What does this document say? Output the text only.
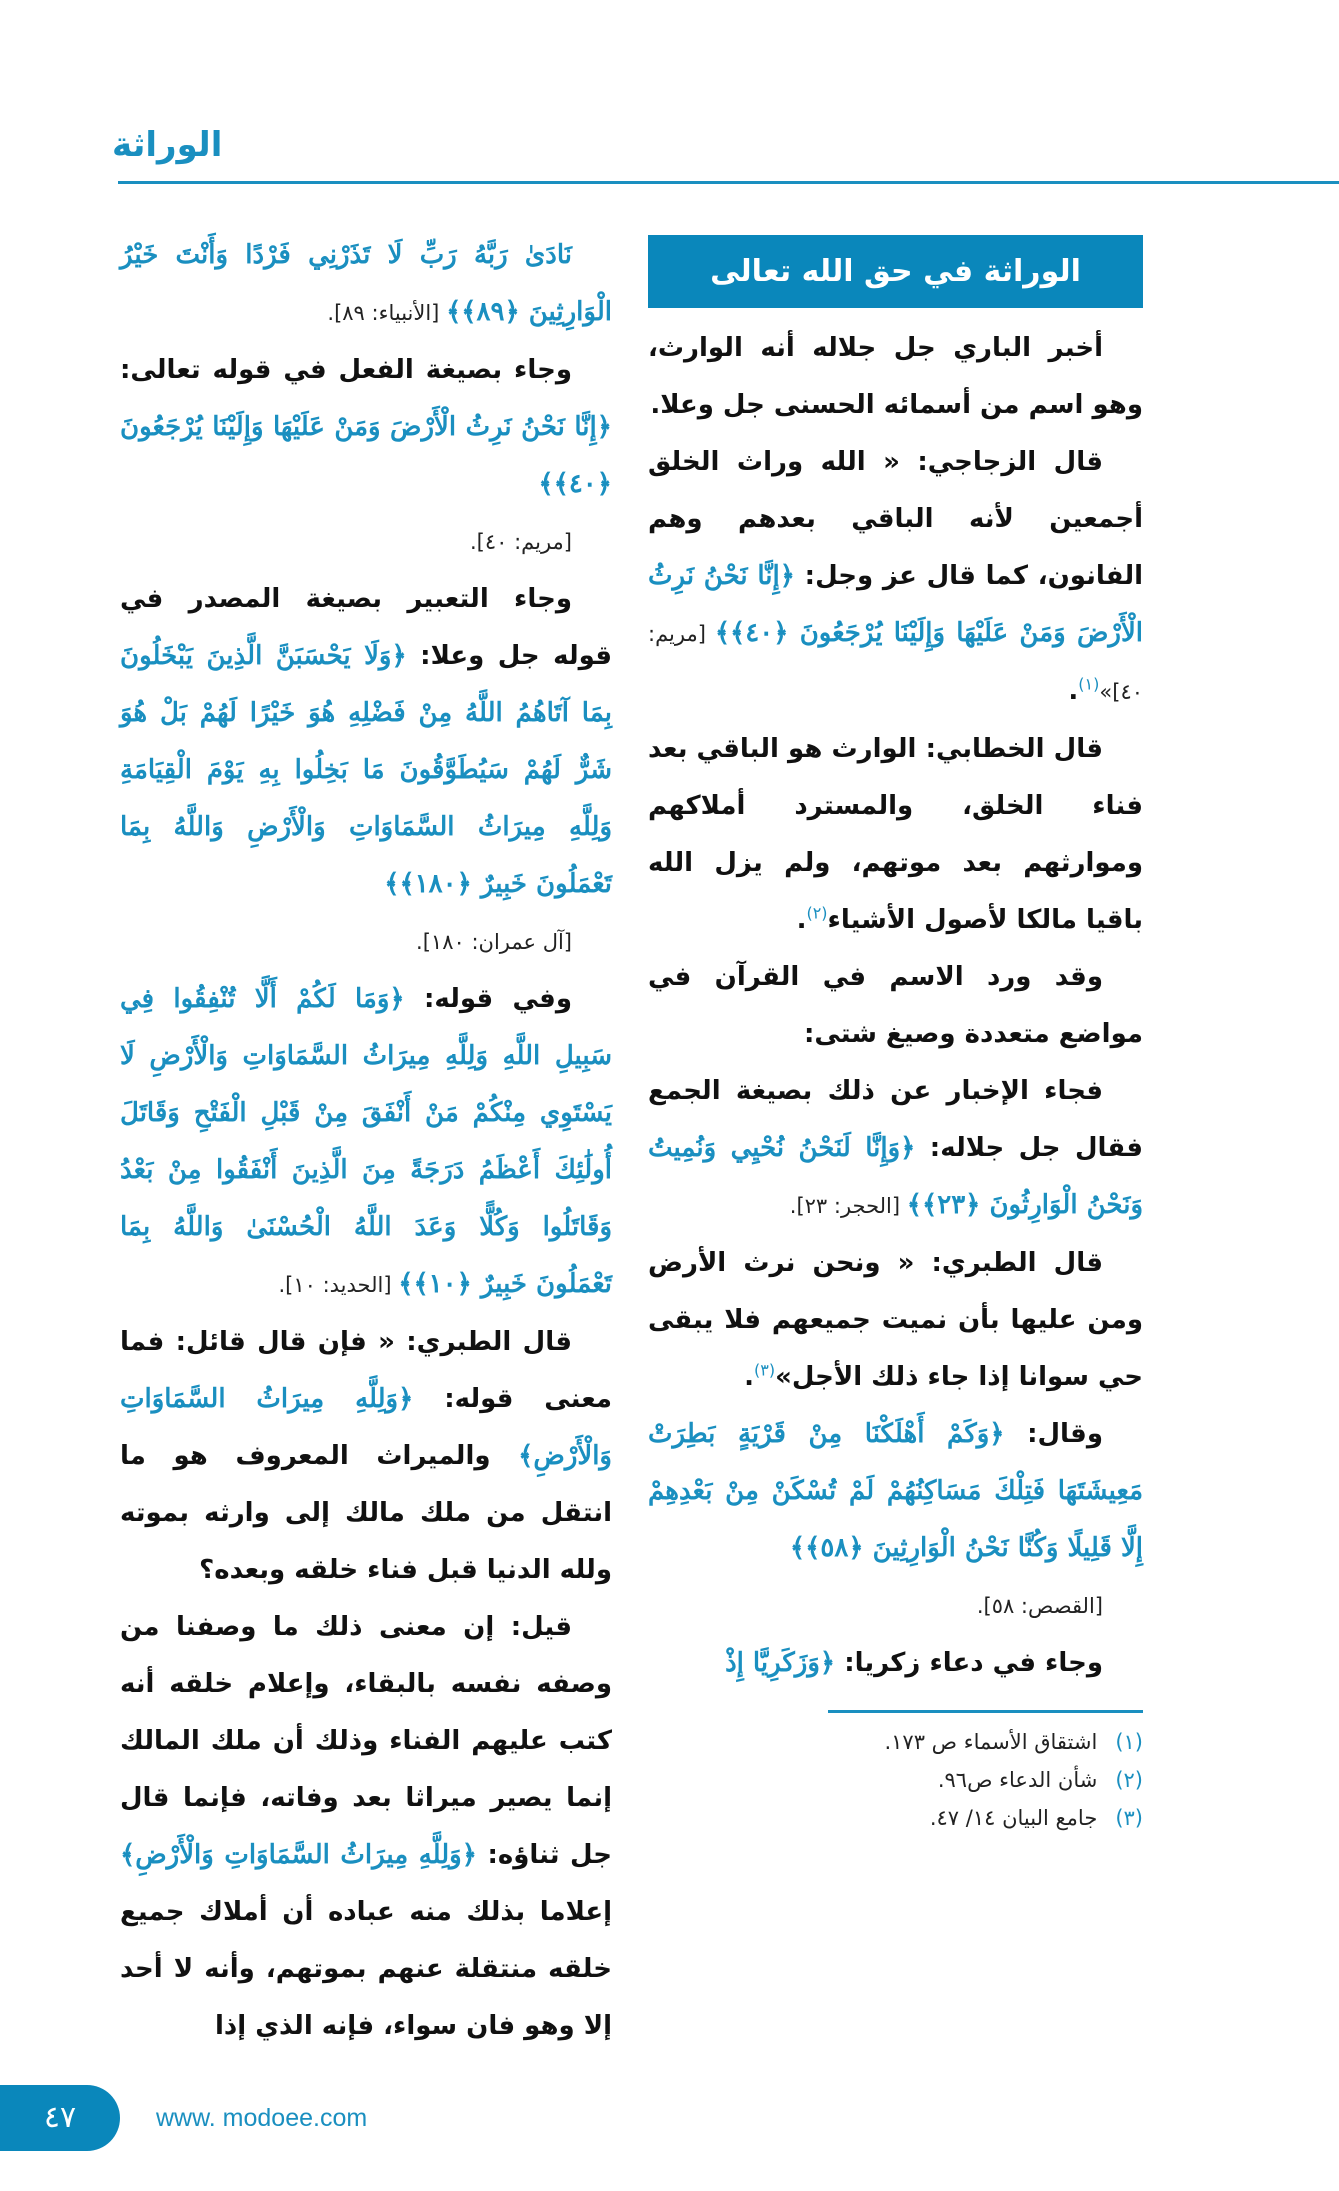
الوراثة

نَادَىٰ رَبَّهُ رَبِّ لَا تَذَرْنِي فَرْدًا وَأَنْتَ خَيْرُ الْوَارِثِينَ ﴿٨٩﴾﴾ [الأنبياء: ٨٩].

وجاء بصيغة الفعل في قوله تعالى: ﴿إِنَّا نَحْنُ نَرِثُ الْأَرْضَ وَمَنْ عَلَيْهَا وَإِلَيْنَا يُرْجَعُونَ ﴿٤٠﴾﴾

[مريم: ٤٠].

وجاء التعبير بصيغة المصدر في قوله جل وعلا: ﴿وَلَا يَحْسَبَنَّ الَّذِينَ يَبْخَلُونَ بِمَا آتَاهُمُ اللَّهُ مِنْ فَضْلِهِ هُوَ خَيْرًا لَهُمْ بَلْ هُوَ شَرٌّ لَهُمْ سَيُطَوَّقُونَ مَا بَخِلُوا بِهِ يَوْمَ الْقِيَامَةِ وَلِلَّهِ مِيرَاثُ السَّمَاوَاتِ وَالْأَرْضِ وَاللَّهُ بِمَا تَعْمَلُونَ خَبِيرٌ ﴿١٨٠﴾﴾

[آل عمران: ١٨٠].

وفي قوله: ﴿وَمَا لَكُمْ أَلَّا تُنْفِقُوا فِي سَبِيلِ اللَّهِ وَلِلَّهِ مِيرَاثُ السَّمَاوَاتِ وَالْأَرْضِ لَا يَسْتَوِي مِنْكُمْ مَنْ أَنْفَقَ مِنْ قَبْلِ الْفَتْحِ وَقَاتَلَ أُولَٰئِكَ أَعْظَمُ دَرَجَةً مِنَ الَّذِينَ أَنْفَقُوا مِنْ بَعْدُ وَقَاتَلُوا وَكُلًّا وَعَدَ اللَّهُ الْحُسْنَىٰ وَاللَّهُ بِمَا تَعْمَلُونَ خَبِيرٌ ﴿١٠﴾﴾ [الحديد: ١٠].

قال الطبري: « فإن قال قائل: فما معنى قوله: ﴿وَلِلَّهِ مِيرَاثُ السَّمَاوَاتِ وَالْأَرْضِ﴾ والميراث المعروف هو ما انتقل من ملك مالك إلى وارثه بموته ولله الدنيا قبل فناء خلقه وبعده؟

قيل: إن معنى ذلك ما وصفنا من وصفه نفسه بالبقاء، وإعلام خلقه أنه كتب عليهم الفناء وذلك أن ملك المالك إنما يصير ميراثا بعد وفاته، فإنما قال جل ثناؤه: ﴿وَلِلَّهِ مِيرَاثُ السَّمَاوَاتِ وَالْأَرْضِ﴾ إعلاما بذلك منه عباده أن أملاك جميع خلقه منتقلة عنهم بموتهم، وأنه لا أحد إلا وهو فان سواء، فإنه الذي إذا

الوراثة في حق الله تعالى

أخبر الباري جل جلاله أنه الوارث، وهو اسم من أسمائه الحسنى جل وعلا.

قال الزجاجي: « الله وراث الخلق أجمعين لأنه الباقي بعدهم وهم الفانون، كما قال عز وجل: ﴿إِنَّا نَحْنُ نَرِثُ الْأَرْضَ وَمَنْ عَلَيْهَا وَإِلَيْنَا يُرْجَعُونَ ﴿٤٠﴾﴾ [مريم: ٤٠]»$^{(١)}$.

قال الخطابي: الوارث هو الباقي بعد فناء الخلق، والمسترد أملاكهم وموارثهم بعد موتهم، ولم يزل الله باقيا مالكا لأصول الأشياء$^{(٢)}$.

وقد ورد الاسم في القرآن في مواضع متعددة وصيغ شتى:

فجاء الإخبار عن ذلك بصيغة الجمع فقال جل جلاله: ﴿وَإِنَّا لَنَحْنُ نُحْيِي وَنُمِيتُ وَنَحْنُ الْوَارِثُونَ ﴿٢٣﴾﴾ [الحجر: ٢٣].

قال الطبري: « ونحن نرث الأرض ومن عليها بأن نميت جميعهم فلا يبقى حي سوانا إذا جاء ذلك الأجل»$^{(٣)}$.

وقال: ﴿وَكَمْ أَهْلَكْنَا مِنْ قَرْيَةٍ بَطِرَتْ مَعِيشَتَهَا فَتِلْكَ مَسَاكِنُهُمْ لَمْ تُسْكَنْ مِنْ بَعْدِهِمْ إِلَّا قَلِيلًا وَكُنَّا نَحْنُ الْوَارِثِينَ ﴿٥٨﴾﴾

[القصص: ٥٨].

وجاء في دعاء زكريا: ﴿وَزَكَرِيَّا إِذْ

(١)اشتقاق الأسماء ص ١٧٣.
(٢)شأن الدعاء ص٩٦.
(٣)جامع البيان ١٤/ ٤٧.
٤٧	www. modoee.com
